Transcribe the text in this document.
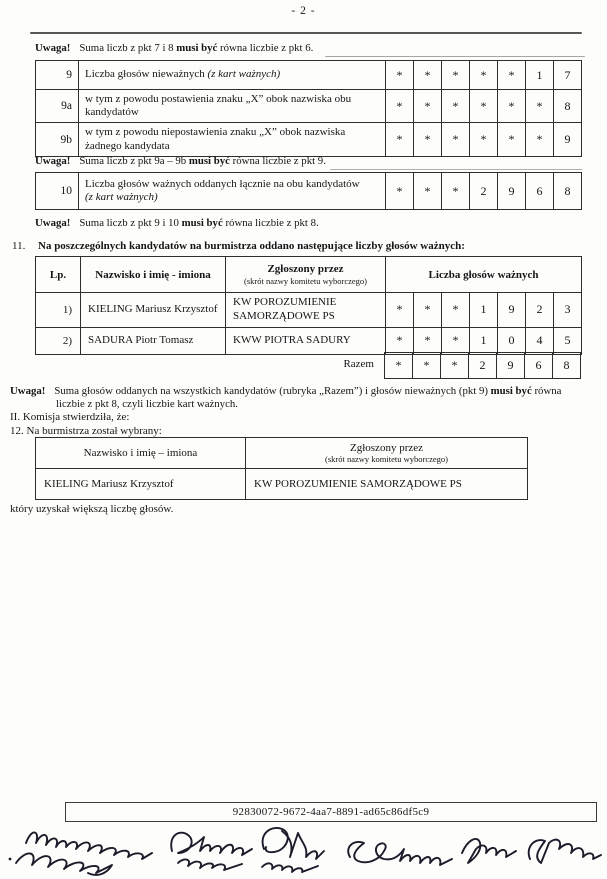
- 2 -
Uwaga! Suma liczb z pkt 7 i 8 musi być równa liczbie z pkt 6.
9	Liczba głosów nieważnych (z kart ważnych)	*	*	*	*	*	1	7
9a	w tym z powodu postawienia znaku „X” obok nazwiska obu kandydatów	*	*	*	*	*	*	8
9b	w tym z powodu niepostawienia znaku „X” obok nazwiska żadnego kandydata	*	*	*	*	*	*	9
Uwaga! Suma liczb z pkt 9a – 9b musi być równa liczbie z pkt 9.
10	Liczba głosów ważnych oddanych łącznie na obu kandydatów
(z kart ważnych)	*	*	*	2	9	6	8
Uwaga! Suma liczb z pkt 9 i 10 musi być równa liczbie z pkt 8.
11. Na poszczególnych kandydatów na burmistrza oddano następujące liczby głosów ważnych:
Lp.	Nazwisko i imię - imiona	Zgłoszony przez
(skrót nazwy komitetu wyborczego)	Liczba głosów ważnych						
1)	KIELING Mariusz Krzysztof	KW POROZUMIENIE SAMORZĄDOWE PS	*	*	*	1	9	2	3
2)	SADURA Piotr Tomasz	KWW PIOTRA SADURY	*	*	*	1	0	4	5
Razem	*	*	*	2	9	6	8
Uwaga! Suma głosów oddanych na wszystkich kandydatów (rubryka „Razem”) i głosów nieważnych (pkt 9) musi być równa liczbie z pkt 8, czyli liczbie kart ważnych.
II. Komisja stwierdziła, że:
12. Na burmistrza został wybrany:
Nazwisko i imię – imiona	Zgłoszony przez
(skrót nazwy komitetu wyborczego)

KIELING Mariusz Krzysztof	KW POROZUMIENIE SAMORZĄDOWE PS
który uzyskał większą liczbę głosów.
92830072-9672-4aa7-8891-ad65c86df5c9
